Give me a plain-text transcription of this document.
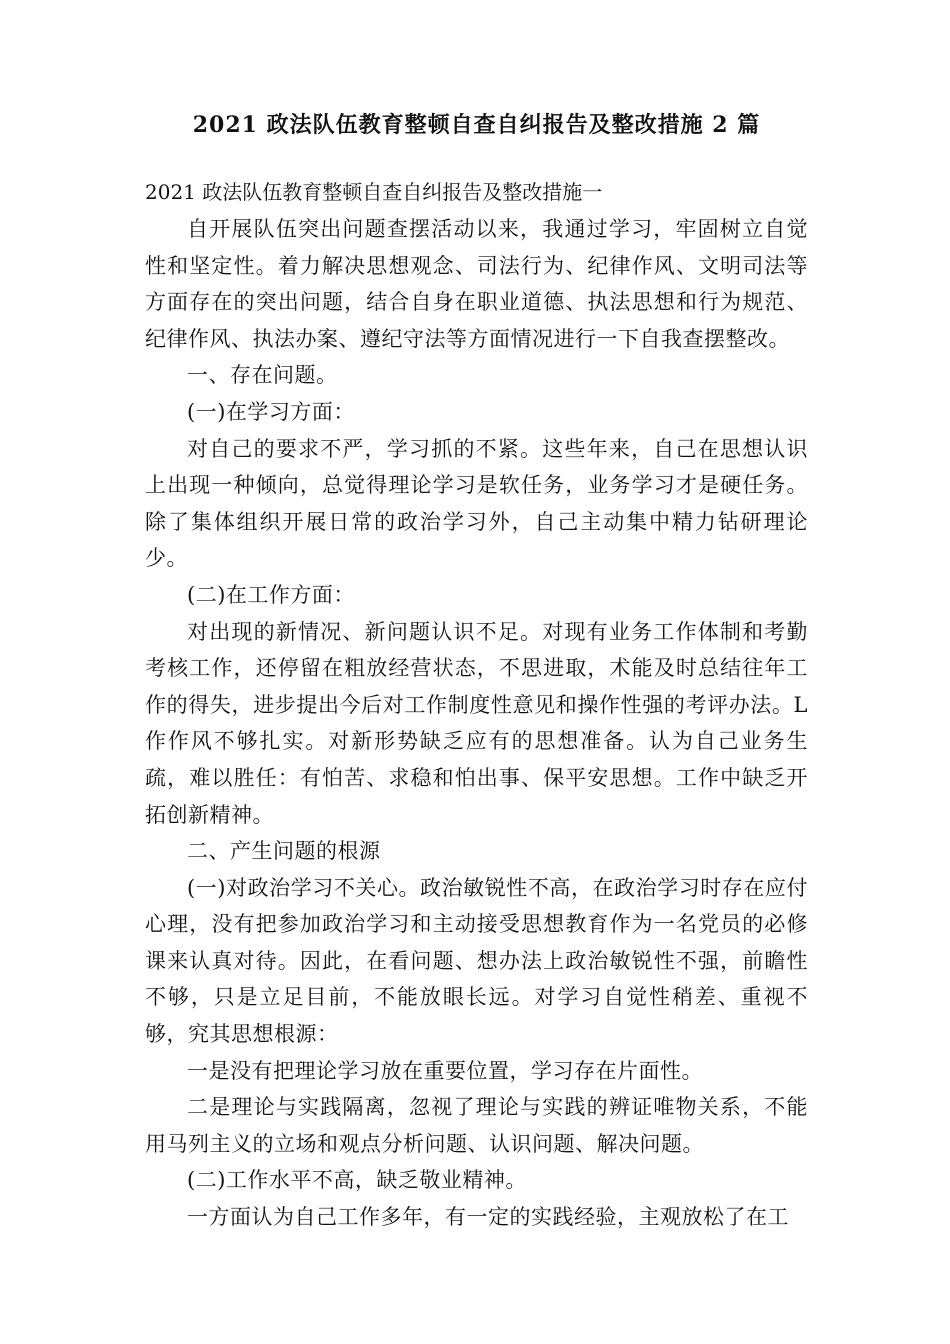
2021 政法队伍教育整顿自查自纠报告及整改措施 2 篇

2021 政法队伍教育整顿自查自纠报告及整改措施一

自开展队伍突出问题查摆活动以来，我通过学习，牢固树立自觉性和坚定性。着力解决思想观念、司法行为、纪律作风、文明司法等方面存在的突出问题，结合自身在职业道德、执法思想和行为规范、纪律作风、执法办案、遵纪守法等方面情况进行一下自我查摆整改。

一、存在问题。

(一)在学习方面：

对自己的要求不严，学习抓的不紧。这些年来，自己在思想认识上出现一种倾向，总觉得理论学习是软任务，业务学习才是硬任务。除了集体组织开展日常的政治学习外，自己主动集中精力钻研理论少。

(二)在工作方面：

对出现的新情况、新问题认识不足。对现有业务工作体制和考勤考核工作，还停留在粗放经营状态，不思进取，术能及时总结往年工作的得失，进步提出今后对工作制度性意见和操作性强的考评办法。L作作风不够扎实。对新形势缺乏应有的思想准备。认为自己业务生疏，难以胜任：有怕苦、求稳和怕出事、保平安思想。工作中缺乏开拓创新精神。

二、产生问题的根源

(一)对政治学习不关心。政治敏锐性不高，在政治学习时存在应付心理，没有把参加政治学习和主动接受思想教育作为一名党员的必修课来认真对待。因此，在看问题、想办法上政治敏锐性不强，前瞻性不够，只是立足目前，不能放眼长远。对学习自觉性稍差、重视不够，究其思想根源：

一是没有把理论学习放在重要位置，学习存在片面性。

二是理论与实践隔离，忽视了理论与实践的辨证唯物关系，不能用马列主义的立场和观点分析问题、认识问题、解决问题。

(二)工作水平不高，缺乏敬业精神。

一方面认为自己工作多年，有一定的实践经验，主观放松了在工
